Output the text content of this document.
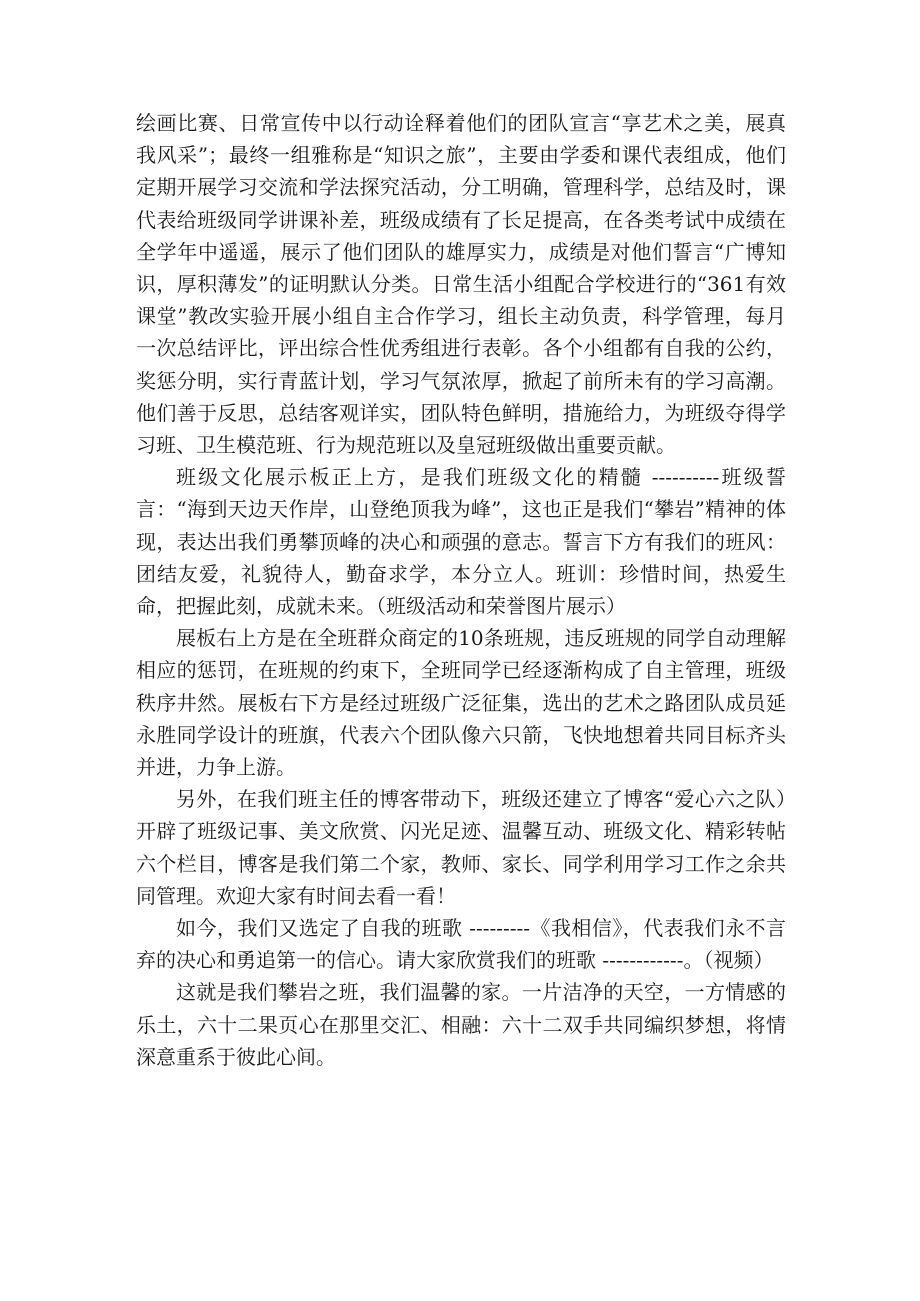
绘画比赛、日常宣传中以行动诠释着他们的团队宣言“享艺术之美，展真我风采”；最终一组雅称是“知识之旅”，主要由学委和课代表组成，他们定期开展学习交流和学法探究活动，分工明确，管理科学，总结及时，课代表给班级同学讲课补差，班级成绩有了长足提高，在各类考试中成绩在全学年中遥遥，展示了他们团队的雄厚实力，成绩是对他们誓言“广博知识，厚积薄发”的证明默认分类。日常生活小组配合学校进行的“361有效课堂”教改实验开展小组自主合作学习，组长主动负责，科学管理，每月一次总结评比，评出综合性优秀组进行表彰。各个小组都有自我的公约，奖惩分明，实行青蓝计划，学习气氛浓厚，掀起了前所未有的学习高潮。他们善于反思，总结客观详实，团队特色鲜明，措施给力，为班级夺得学习班、卫生模范班、行为规范班以及皇冠班级做出重要贡献。

班级文化展示板正上方，是我们班级文化的精髓 ----------班级誓言：“海到天边天作岸，山登绝顶我为峰”，这也正是我们“攀岩”精神的体现，表达出我们勇攀顶峰的决心和顽强的意志。誓言下方有我们的班风：团结友爱，礼貌待人，勤奋求学，本分立人。班训：珍惜时间，热爱生命，把握此刻，成就未来。（班级活动和荣誉图片展示）

展板右上方是在全班群众商定的10条班规，违反班规的同学自动理解相应的惩罚，在班规的约束下，全班同学已经逐渐构成了自主管理，班级秩序井然。展板右下方是经过班级广泛征集，选出的艺术之路团队成员延永胜同学设计的班旗，代表六个团队像六只箭，飞快地想着共同目标齐头并进，力争上游。

另外，在我们班主任的博客带动下，班级还建立了博客“爱心六之队）开辟了班级记事、美文欣赏、闪光足迹、温馨互动、班级文化、精彩转帖六个栏目，博客是我们第二个家，教师、家长、同学利用学习工作之余共同管理。欢迎大家有时间去看一看！

如今，我们又选定了自我的班歌 ---------《我相信》，代表我们永不言弃的决心和勇追第一的信心。请大家欣赏我们的班歌 ------------。（视频）

这就是我们攀岩之班，我们温馨的家。一片洁净的天空，一方情感的乐土，六十二果页心在那里交汇、相融：六十二双手共同编织梦想，将情深意重系于彼此心间。
